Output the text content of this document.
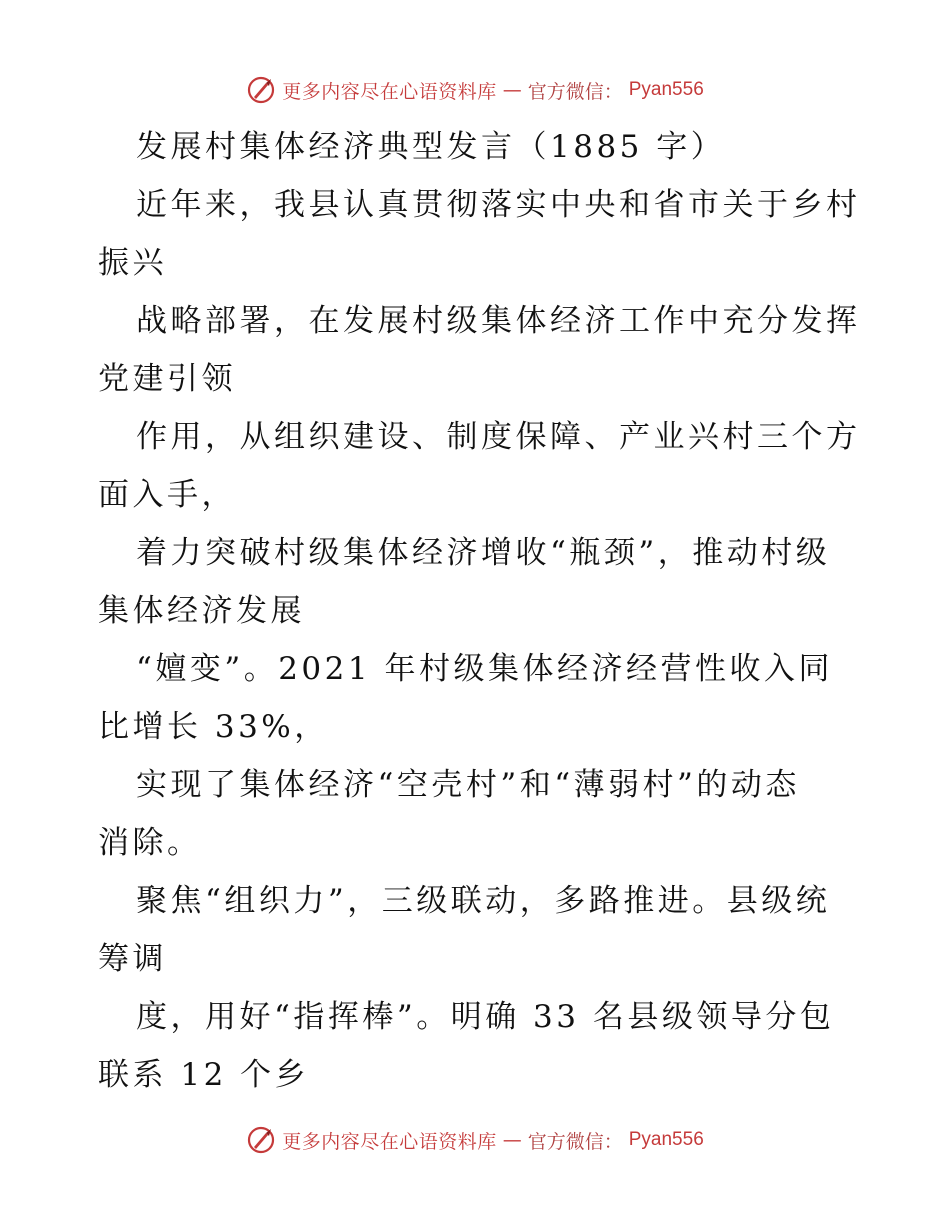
更多内容尽在心语资料库 — 官方微信： Pyan556
发展村集体经济典型发言（1885 字）
近年来，我县认真贯彻落实中央和省市关于乡村
振兴
战略部署，在发展村级集体经济工作中充分发挥
党建引领
作用，从组织建设、制度保障、产业兴村三个方
面入手，
着力突破村级集体经济增收“瓶颈”，推动村级
集体经济发展
“嬗变”。2021 年村级集体经济经营性收入同
比增长 33%，
实现了集体经济“空壳村”和“薄弱村”的动态
消除。
聚焦“组织力”，三级联动，多路推进。县级统
筹调
度，用好“指挥棒”。明确 33 名县级领导分包
联系 12 个乡
更多内容尽在心语资料库 — 官方微信： Pyan556
